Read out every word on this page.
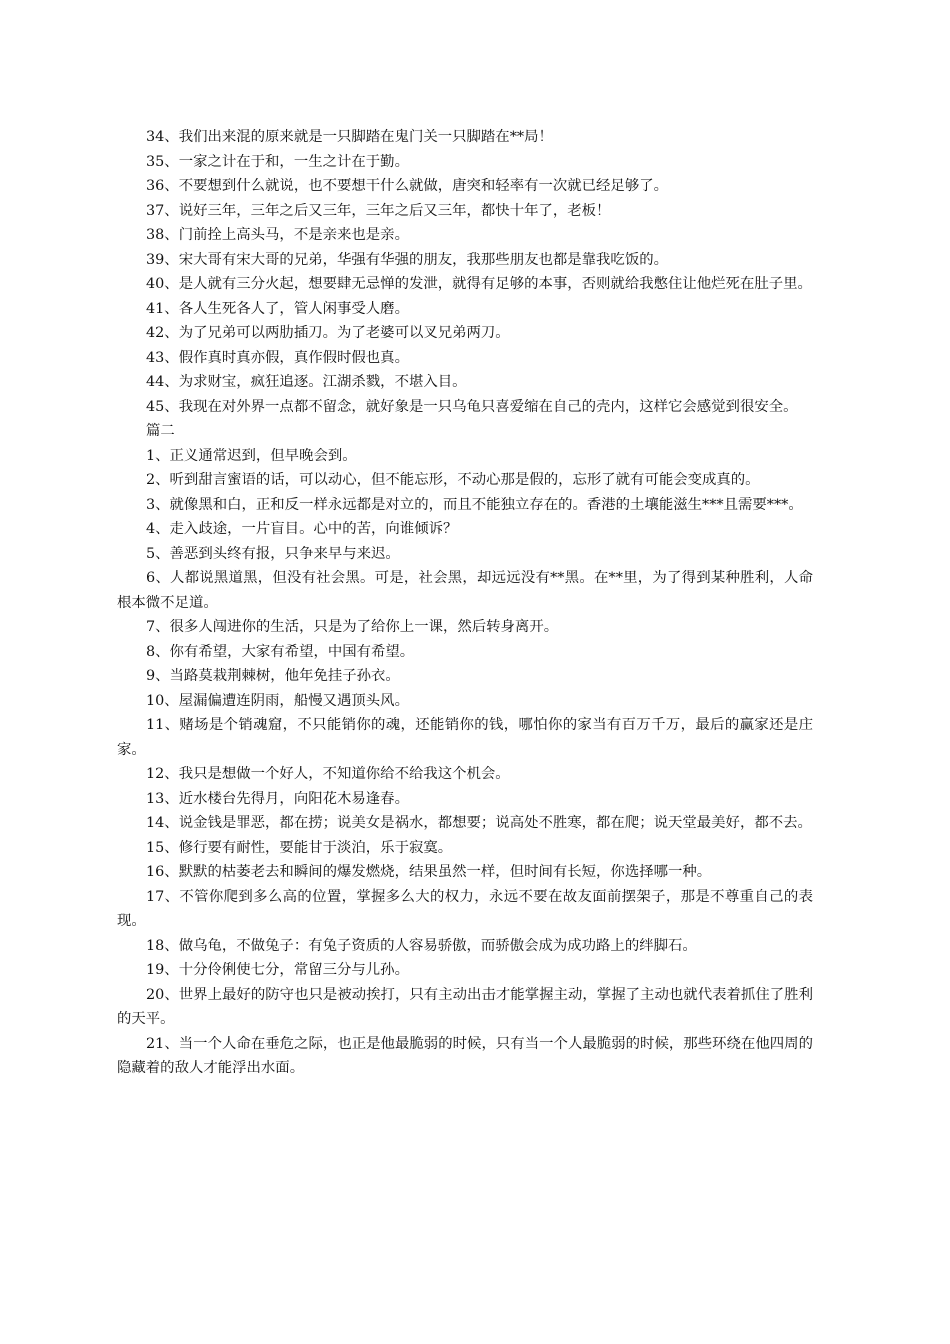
34、我们出来混的原来就是一只脚踏在鬼门关一只脚踏在**局！

35、一家之计在于和，一生之计在于勤。

36、不要想到什么就说，也不要想干什么就做，唐突和轻率有一次就已经足够了。

37、说好三年，三年之后又三年，三年之后又三年，都快十年了，老板！

38、门前拴上高头马，不是亲来也是亲。

39、宋大哥有宋大哥的兄弟，华强有华强的朋友，我那些朋友也都是靠我吃饭的。

40、是人就有三分火起，想要肆无忌惮的发泄，就得有足够的本事，否则就给我憋住让他烂死在肚子里。

41、各人生死各人了，管人闲事受人磨。

42、为了兄弟可以两肋插刀。为了老婆可以叉兄弟两刀。

43、假作真时真亦假，真作假时假也真。

44、为求财宝，疯狂追逐。江湖杀戮，不堪入目。

45、我现在对外界一点都不留念，就好象是一只乌龟只喜爱缩在自己的壳内，这样它会感觉到很安全。

篇二

1、正义通常迟到，但早晚会到。

2、听到甜言蜜语的话，可以动心，但不能忘形，不动心那是假的，忘形了就有可能会变成真的。

3、就像黑和白，正和反一样永远都是对立的，而且不能独立存在的。香港的土壤能滋生***且需要***。

4、走入歧途，一片盲目。心中的苦，向谁倾诉？

5、善恶到头终有报，只争来早与来迟。

6、人都说黑道黑，但没有社会黑。可是，社会黑，却远远没有**黑。在**里，为了得到某种胜利，人命根本微不足道。

7、很多人闯进你的生活，只是为了给你上一课，然后转身离开。

8、你有希望，大家有希望，中国有希望。

9、当路莫栽荆棘树，他年免挂子孙衣。

10、屋漏偏遭连阴雨，船慢又遇顶头风。

11、赌场是个销魂窟，不只能销你的魂，还能销你的钱，哪怕你的家当有百万千万，最后的赢家还是庄家。

12、我只是想做一个好人，不知道你给不给我这个机会。

13、近水楼台先得月，向阳花木易逢春。

14、说金钱是罪恶，都在捞；说美女是祸水，都想要；说高处不胜寒，都在爬；说天堂最美好，都不去。

15、修行要有耐性，要能甘于淡泊，乐于寂寞。

16、默默的枯萎老去和瞬间的爆发燃烧，结果虽然一样，但时间有长短，你选择哪一种。

17、不管你爬到多么高的位置，掌握多么大的权力，永远不要在故友面前摆架子，那是不尊重自己的表现。

18、做乌龟，不做兔子：有兔子资质的人容易骄傲，而骄傲会成为成功路上的绊脚石。

19、十分伶俐使七分，常留三分与儿孙。

20、世界上最好的防守也只是被动挨打，只有主动出击才能掌握主动，掌握了主动也就代表着抓住了胜利的天平。

21、当一个人命在垂危之际，也正是他最脆弱的时候，只有当一个人最脆弱的时候，那些环绕在他四周的隐藏着的敌人才能浮出水面。
